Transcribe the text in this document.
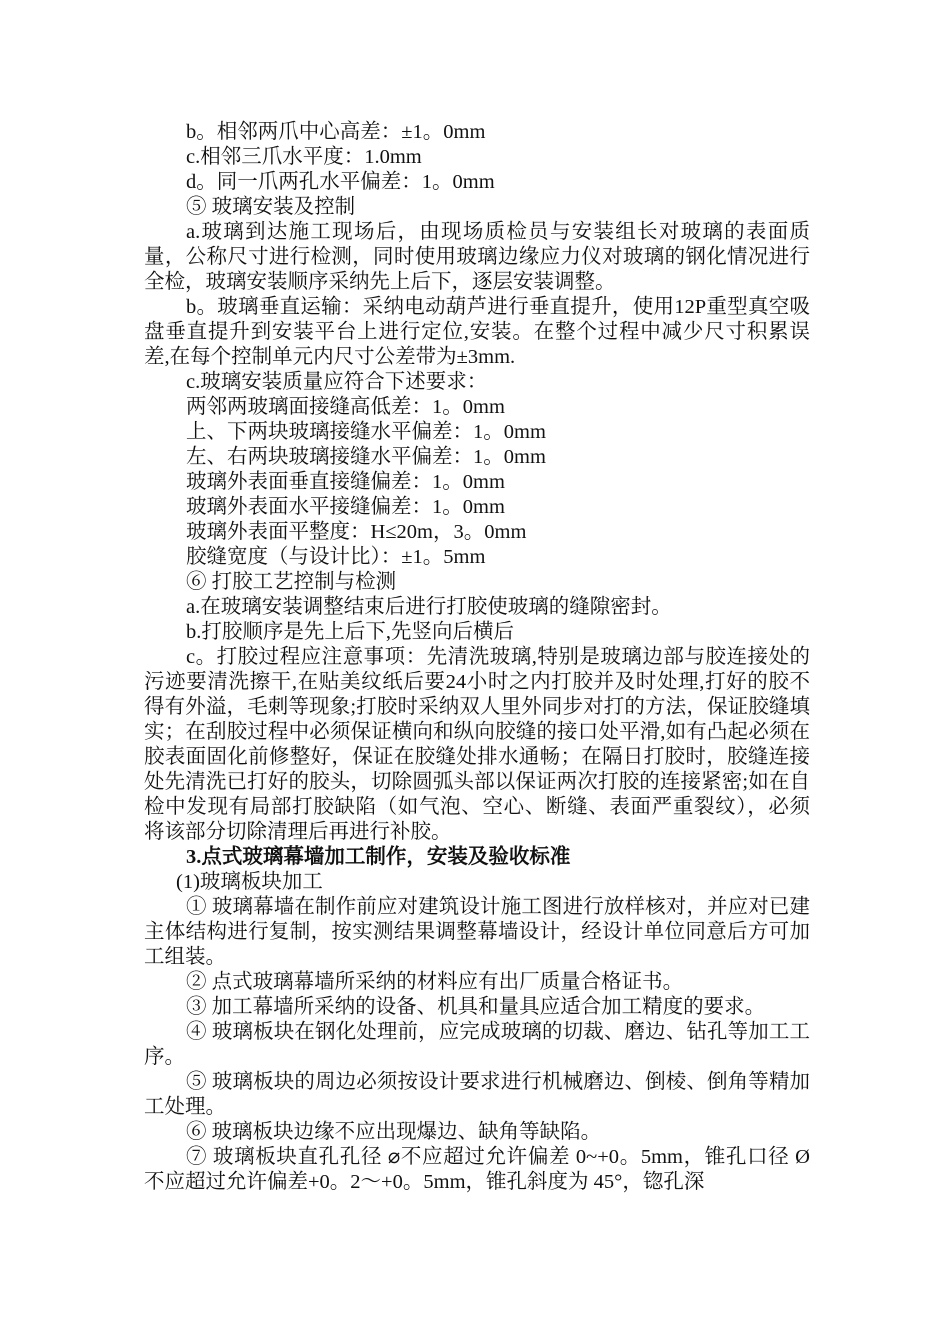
b。相邻两爪中心高差：±1。0mm

c.相邻三爪水平度：1.0mm

d。同一爪两孔水平偏差：1。0mm

⑤ 玻璃安装及控制

a.玻璃到达施工现场后，由现场质检员与安装组长对玻璃的表面质量，公称尺寸进行检测，同时使用玻璃边缘应力仪对玻璃的钢化情况进行全检，玻璃安装顺序采纳先上后下，逐层安装调整。

b。玻璃垂直运输：采纳电动葫芦进行垂直提升，使用12P重型真空吸盘垂直提升到安装平台上进行定位,安装。在整个过程中减少尺寸积累误差,在每个控制单元内尺寸公差带为±3mm.

c.玻璃安装质量应符合下述要求：

两邻两玻璃面接缝高低差：1。0mm

上、下两块玻璃接缝水平偏差：1。0mm

左、右两块玻璃接缝水平偏差：1。0mm

玻璃外表面垂直接缝偏差：1。0mm

玻璃外表面水平接缝偏差：1。0mm

玻璃外表面平整度：H≤20m，3。0mm

胶缝宽度（与设计比）：±1。5mm

⑥ 打胶工艺控制与检测

a.在玻璃安装调整结束后进行打胶使玻璃的缝隙密封。

b.打胶顺序是先上后下,先竖向后横后

c。打胶过程应注意事项：先清洗玻璃,特别是玻璃边部与胶连接处的污迹要清洗擦干,在贴美纹纸后要24小时之内打胶并及时处理,打好的胶不得有外溢，毛刺等现象;打胶时采纳双人里外同步对打的方法，保证胶缝填实；在刮胶过程中必须保证横向和纵向胶缝的接口处平滑,如有凸起必须在胶表面固化前修整好，保证在胶缝处排水通畅；在隔日打胶时，胶缝连接处先清洗已打好的胶头，切除圆弧头部以保证两次打胶的连接紧密;如在自检中发现有局部打胶缺陷（如气泡、空心、断缝、表面严重裂纹），必须将该部分切除清理后再进行补胶。

3.点式玻璃幕墙加工制作，安装及验收标准

(1)玻璃板块加工

① 玻璃幕墙在制作前应对建筑设计施工图进行放样核对，并应对已建主体结构进行复制，按实测结果调整幕墙设计，经设计单位同意后方可加工组装。

② 点式玻璃幕墙所采纳的材料应有出厂质量合格证书。

③ 加工幕墙所采纳的设备、机具和量具应适合加工精度的要求。

④ 玻璃板块在钢化处理前，应完成玻璃的切裁、磨边、钻孔等加工工序。

⑤ 玻璃板块的周边必须按设计要求进行机械磨边、倒棱、倒角等精加工处理。

⑥ 玻璃板块边缘不应出现爆边、缺角等缺陷。

⑦ 玻璃板块直孔孔径 ⌀不应超过允许偏差 0~+0。5mm，锥孔口径 Ø不应超过允许偏差+0。2～+0。5mm，锥孔斜度为 45°，锪孔深
